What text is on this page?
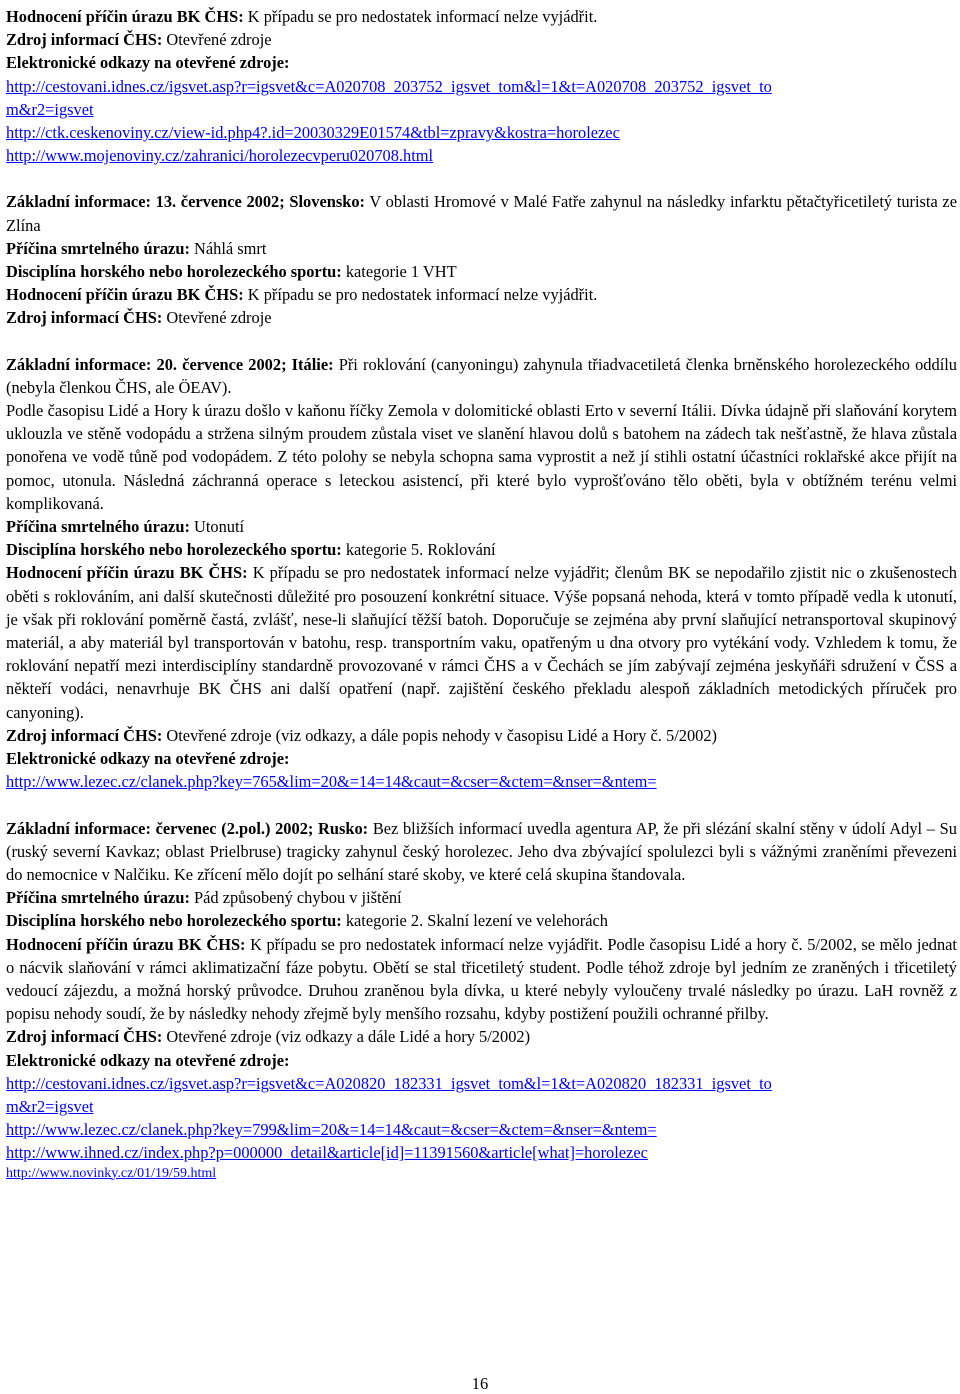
Hodnocení příčin úrazu BK ČHS: K případu se pro nedostatek informací nelze vyjádřit.

Zdroj informací ČHS: Otevřené zdroje

Elektronické odkazy na otevřené zdroje:

http://cestovani.idnes.cz/igsvet.asp?r=igsvet&c=A020708_203752_igsvet_tom&l=1&t=A020708_203752_igsvet_to

m&r2=igsvet

http://ctk.ceskenoviny.cz/view-id.php4?.id=20030329E01574&tbl=zpravy&kostra=horolezec

http://www.mojenoviny.cz/zahranici/horolezecvperu020708.html

Základní informace: 13. července 2002; Slovensko: V oblasti Hromové v Malé Fatře zahynul na následky infarktu pětačtyřicetiletý turista ze Zlína

Příčina smrtelného úrazu: Náhlá smrt

Disciplína horského nebo horolezeckého sportu: kategorie 1 VHT

Hodnocení příčin úrazu BK ČHS: K případu se pro nedostatek informací nelze vyjádřit.

Zdroj informací ČHS: Otevřené zdroje

Základní informace: 20. července 2002; Itálie: Při roklování (canyoningu) zahynula třiadvacetiletá členka brněnského horolezeckého oddílu (nebyla členkou ČHS, ale ÖEAV).

Podle časopisu Lidé a Hory k úrazu došlo v kaňonu říčky Zemola v dolomitické oblasti Erto v severní Itálii. Dívka údajně při slaňování korytem uklouzla ve stěně vodopádu a stržena silným proudem zůstala viset ve slanění hlavou dolů s batohem na zádech tak nešťastně, že hlava zůstala ponořena ve vodě tůně pod vodopádem. Z této polohy se nebyla schopna sama vyprostit a než jí stihli ostatní účastníci roklařské akce přijít na pomoc, utonula. Následná záchranná operace s leteckou asistencí, při které bylo vyprošťováno tělo oběti, byla v obtížném terénu velmi komplikovaná.

Příčina smrtelného úrazu: Utonutí

Disciplína horského nebo horolezeckého sportu: kategorie 5. Roklování

Hodnocení příčin úrazu BK ČHS: K případu se pro nedostatek informací nelze vyjádřit; členům BK se nepodařilo zjistit nic o zkušenostech oběti s roklováním, ani další skutečnosti důležité pro posouzení konkrétní situace. Výše popsaná nehoda, která v tomto případě vedla k utonutí, je však při roklování poměrně častá, zvlášť, nese-li slaňující těžší batoh. Doporučuje se zejména aby první slaňující netransportoval skupinový materiál, a aby materiál byl transportován v batohu, resp. transportním vaku, opatřeným u dna otvory pro vytékání vody. Vzhledem k tomu, že roklování nepatří mezi interdisciplíny standardně provozované v rámci ČHS a v Čechách se jím zabývají zejména jeskyňáři sdružení v ČSS a někteří vodáci, nenavrhuje BK ČHS ani další opatření (např. zajištění českého překladu alespoň základních metodických příruček pro canyoning).

Zdroj informací ČHS: Otevřené zdroje (viz odkazy, a dále popis nehody v časopisu Lidé a Hory č. 5/2002)

Elektronické odkazy na otevřené zdroje:

http://www.lezec.cz/clanek.php?key=765&lim=20&=14=14&caut=&cser=&ctem=&nser=&ntem=

Základní informace: červenec (2.pol.) 2002; Rusko: Bez bližších informací uvedla agentura AP, že při slézání skalní stěny v údolí Adyl – Su (ruský severní Kavkaz; oblast Prielbruse) tragicky zahynul český horolezec. Jeho dva zbývající spolulezci byli s vážnými zraněními převezeni do nemocnice v Nalčiku. Ke zřícení mělo dojít po selhání staré skoby, ve které celá skupina štandovala.

Příčina smrtelného úrazu: Pád způsobený chybou v jištění

Disciplína horského nebo horolezeckého sportu: kategorie 2. Skalní lezení ve velehorách

Hodnocení příčin úrazu BK ČHS: K případu se pro nedostatek informací nelze vyjádřit. Podle časopisu Lidé a hory č. 5/2002, se mělo jednat o nácvik slaňování v rámci aklimatizační fáze pobytu. Obětí se stal třicetiletý student. Podle téhož zdroje byl jedním ze zraněných i třicetiletý vedoucí zájezdu, a možná horský průvodce. Druhou zraněnou byla dívka, u které nebyly vyloučeny trvalé následky po úrazu. LaH rovněž z popisu nehody soudí, že by následky nehody zřejmě byly menšího rozsahu, kdyby postižení použili ochranné přilby.

Zdroj informací ČHS: Otevřené zdroje (viz odkazy a dále Lidé a hory 5/2002)

Elektronické odkazy na otevřené zdroje:

http://cestovani.idnes.cz/igsvet.asp?r=igsvet&c=A020820_182331_igsvet_tom&l=1&t=A020820_182331_igsvet_to

m&r2=igsvet

http://www.lezec.cz/clanek.php?key=799&lim=20&=14=14&caut=&cser=&ctem=&nser=&ntem=

http://www.ihned.cz/index.php?p=000000_detail&article[id]=11391560&article[what]=horolezec

http://www.novinky.cz/01/19/59.html

16
